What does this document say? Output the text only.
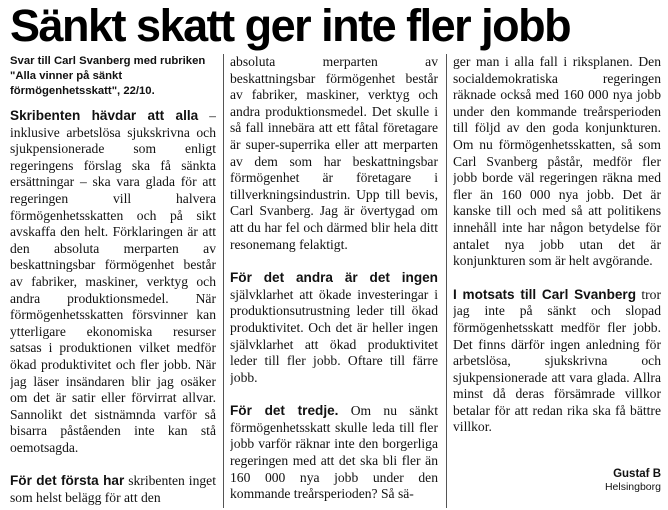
Sänkt skatt ger inte fler jobb

Svar till Carl Svanberg med rubriken "Alla vinner på sänkt förmögenhetsskatt", 22/10.

Skribenten hävdar att alla – inklusive arbetslösa sjukskrivna och sjukpensionerade som enligt regeringens förslag ska få sänkta ersättningar – ska vara glada för att regeringen vill halvera förmögenhetsskatten och på sikt avskaffa den helt. Förklaringen är att den absoluta merparten av beskattningsbar förmögenhet består av fabriker, maskiner, verktyg och andra produktionsmedel. När förmögenhetsskatten försvinner kan ytterligare ekonomiska resurser satsas i produktionen vilket medför ökad produktivitet och fler jobb. När jag läser insändaren blir jag osäker om det är satir eller förvirrat allvar. Sannolikt det sistnämnda varför så bisarra påståenden inte kan stå oemotsagda.

För det första har skribenten inget som helst belägg för att den

absoluta merparten av beskattningsbar förmögenhet består av fabriker, maskiner, verktyg och andra produktionsmedel. Det skulle i så fall innebära att ett fåtal företagare är super-superrika eller att merparten av dem som har beskattningsbar förmögenhet är företagare i tillverkningsindustrin. Upp till bevis, Carl Svanberg. Jag är övertygad om att du har fel och därmed blir hela ditt resonemang felaktigt.

För det andra är det ingen självklarhet att ökade investeringar i produktionsutrustning leder till ökad produktivitet. Och det är heller ingen självklarhet att ökad produktivitet leder till fler jobb. Oftare till färre jobb.

För det tredje. Om nu sänkt förmögenhetsskatt skulle leda till fler jobb varför räknar inte den borgerliga regeringen med att det ska bli fler än 160 000 nya jobb under den kommande treårsperioden? Så sä-

ger man i alla fall i riksplanen. Den socialdemokratiska regeringen räknade också med 160 000 nya jobb under den kommande treårsperioden till följd av den goda konjunkturen. Om nu förmögenhetsskatten, så som Carl Svanberg påstår, medför fler jobb borde väl regeringen räkna med fler än 160 000 nya jobb. Det är kanske till och med så att politikens innehåll inte har någon betydelse för antalet nya jobb utan det är konjunkturen som är helt avgörande.

I motsats till Carl Svanberg tror jag inte på sänkt och slopad förmögenhetsskatt medför fler jobb. Det finns därför ingen anledning för arbetslösa, sjukskrivna och sjukpensionerade att vara glada. Allra minst då deras försämrade villkor betalar för att redan rika ska få bättre villkor.

Gustaf B
Helsingborg
